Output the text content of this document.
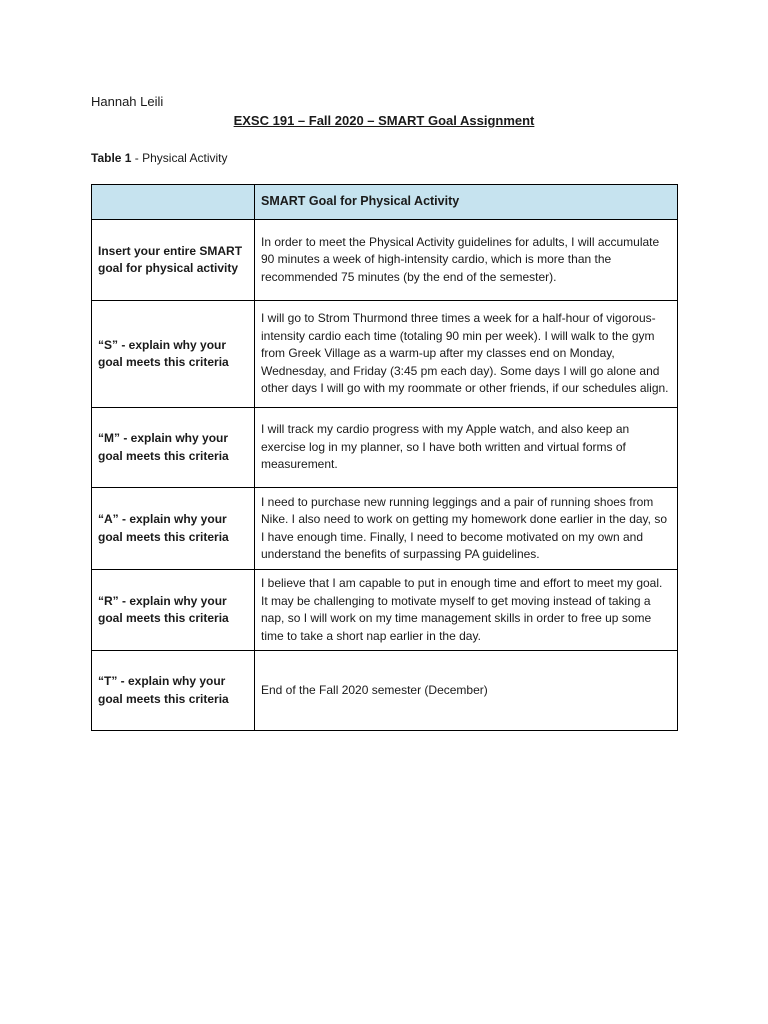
Hannah Leili
EXSC 191 – Fall 2020 – SMART Goal Assignment
Table 1 - Physical Activity
	SMART Goal for Physical Activity
Insert your entire SMART goal for physical activity	In order to meet the Physical Activity guidelines for adults, I will accumulate 90 minutes a week of high-intensity cardio, which is more than the recommended 75 minutes (by the end of the semester).
“S” - explain why your goal meets this criteria	I will go to Strom Thurmond three times a week for a half-hour of vigorous-intensity cardio each time (totaling 90 min per week). I will walk to the gym from Greek Village as a warm-up after my classes end on Monday, Wednesday, and Friday (3:45 pm each day). Some days I will go alone and other days I will go with my roommate or other friends, if our schedules align.
“M” - explain why your goal meets this criteria	I will track my cardio progress with my Apple watch, and also keep an exercise log in my planner, so I have both written and virtual forms of measurement.
“A” - explain why your goal meets this criteria	I need to purchase new running leggings and a pair of running shoes from Nike. I also need to work on getting my homework done earlier in the day, so I have enough time. Finally, I need to become motivated on my own and understand the benefits of surpassing PA guidelines.
“R” - explain why your goal meets this criteria	I believe that I am capable to put in enough time and effort to meet my goal. It may be challenging to motivate myself to get moving instead of taking a nap, so I will work on my time management skills in order to free up some time to take a short nap earlier in the day.
“T” - explain why your goal meets this criteria	End of the Fall 2020 semester (December)
